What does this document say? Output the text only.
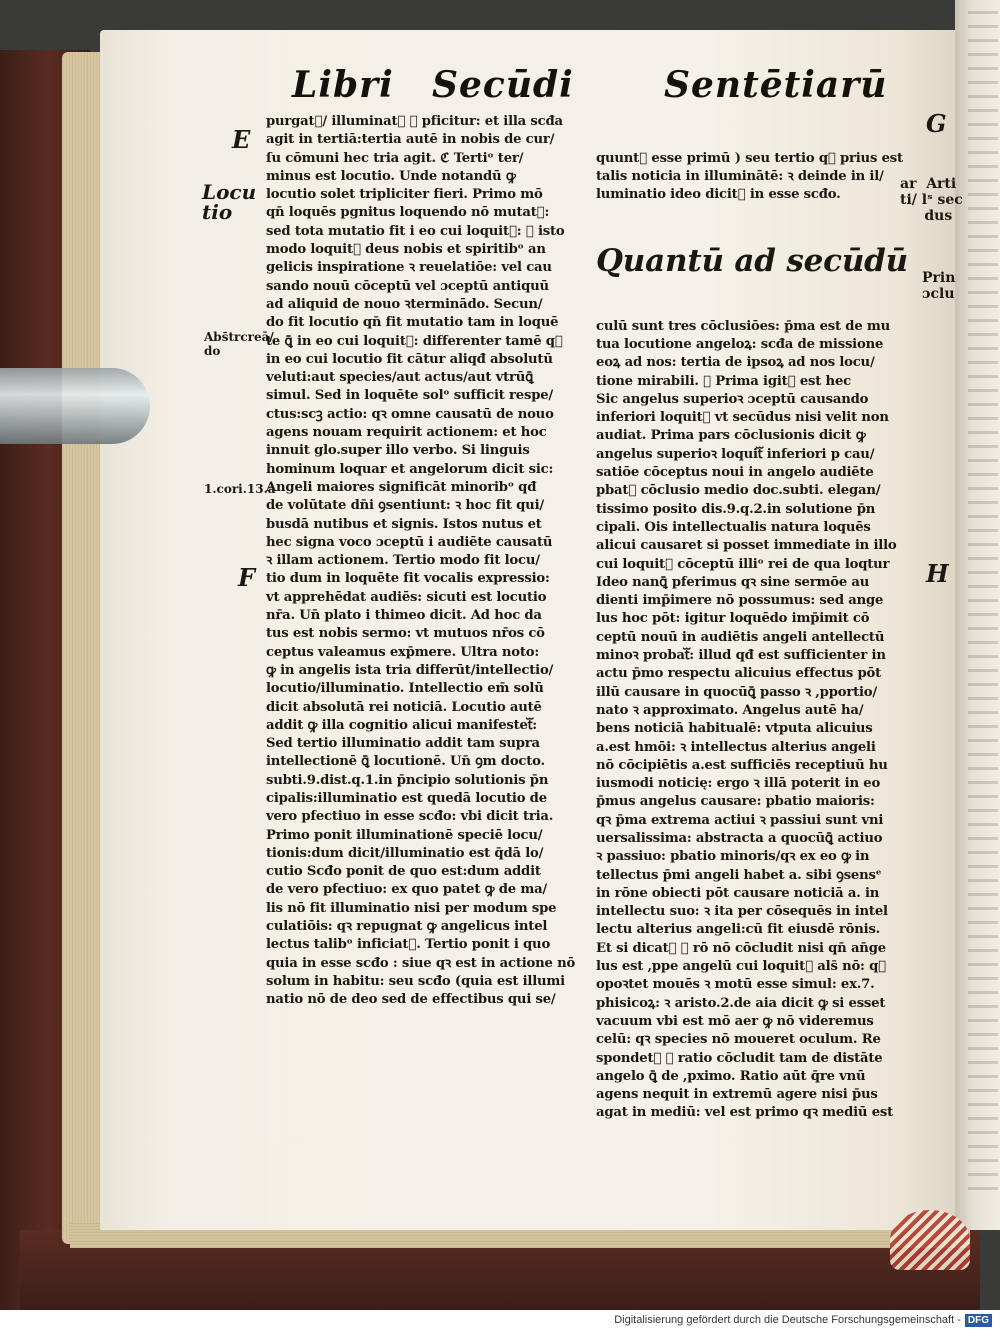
Libri Secūdi	Sentētiarū
E
Locu
tio
Abs̄trcreā/
do
1.cori.13.a
F
G
ar  Arti
ti/ lˢ sec
dus
Prin
ɔclu
H
purgatᷓ/ illuminatᷓ ꝛ pficitur: et illa scđa
agit in tertiā:tertia autē in nobis de cur/
ſu cōmuni hec tria agit. ℭ Tertiᵒ ter/
minus est locutio. Unde notandū ꝙ
locutio solet tripliciter fieri. Primo mō
qn̄ loquēs pgnitus loquendo nō mutatᷓ:
sed tota mutatio fit i eo cui loquitᷓ: ꝛ isto
modo loquitᷓ deus nobis et spiritibᵒ an
gelicis inspiratione ꝛ reuelatiōe: vel cau
sando nouū cōceptū vel ɔceptū antiquū
ad aliquid de nouo ꝛterminādo. Secun/
do fit locutio qn̄ fit mutatio tam in loquē
te ꝗ̄ in eo cui loquitᷓ: differenter tamē qꝛ
in eo cui locutio fit cātur aliqđ absolutū
veluti:aut species/aut actus/aut vtrūꝗ̄
simul. Sed in loquēte solᵒ sufficit respe/
ctus:scꝫ actio: qꝛ omne causatū de nouo
agens nouam requirit actionem: et hoc
innuit glo.super illo verbo. Si linguis
hominum loquar et angelorum dicit sic:
Angeli maiores significāt minoribᵒ qđ
de volūtate dn̄i ꝯsentiunt: ꝛ hoc fit qui/
busdā nutibus et signis. Istos nutus et
hec signa voco ɔceptū i audiēte causatū
ꝛ illam actionem. Tertio modo fit locu/
tio dum in loquēte fit vocalis expressio:
vt apprehēdat audiēs: sicuti est locutio
nr̄a. Un̄ plato i thimeo dicit. Ad hoc da
tus est nobis sermo: vt mutuos nr̄os cō
ceptus valeamus exp̄mere. Ultra noto:
ꝙ in angelis ista tria differūt/intellectio/
locutio/illuminatio. Intellectio em̄ solū
dicit absolutā rei noticiā. Locutio autē
addit ꝙ illa cognitio alicui manifestetᷓ:
Sed tertio illuminatio addit tam supra
intellectionē ꝗ̄ locutionē. Un̄ ꝯm docto.
subti.9.dist.q.1.in p̄ncipio solutionis p̄n
cipalis:illuminatio est quedā locutio de
vero pfectiuo in esse scđo: vbi dicit tria.
Primo ponit illuminationē speciē locu/
tionis:dum dicit/illuminatio est q̄dā lo/
cutio Scđo ponit de quo est:dum addit
de vero pfectiuo: ex quo patet ꝙ de ma/
lis nō fit illuminatio nisi per modum spe
culatiōis: qꝛ repugnat ꝙ angelicus intel
lectus talibᵒ inficiatᷓ. Tertio ponit i quo
quia in esse scđo : siue qꝛ est in actione nō
solum in habitu: seu scđo (quia est illumi
natio nō de deo sed de effectibus qui se/

quuntᷓ esse primū ) seu tertio qꝛ prius est
talis noticia in illuminātē: ꝛ deinde in il/
luminatio ideo dicitᷓ in esse scđo.

Quantū ad secūdū

culū sunt tres cōclusiōes: p̄ma est de mu
tua locutione angeloꝝ: scđa de missione
eoꝝ ad nos: tertia de ipsoꝝ ad nos locu/
tione mirabili. ℭ Prima igitᷓ est hec
Sic angelus superioꝛ ɔceptū causando
inferiori loquitᷓ vt secūdus nisi velit non
audiat. Prima pars cōclusionis dicit ꝙ
angelus superioꝛ loquitᷓ inferiori p cau/
satiōe cōceptus noui in angelo audiēte
pbatᷓ cōclusio medio doc.subti. elegan/
tissimo posito dis.9.q.2.in solutione p̄n
cipali. Ois intellectualis natura loquēs
alicui causaret si posset immediate in illo
cui loquitᷓ cōceptū illiᵒ rei de qua loqtur
Ideo nanꝗ̄ pferimus qꝛ sine sermōe au
dienti imp̄imere nō possumus: sed ange
lus hoc pōt: igitur loquēdo imp̄imit cō
ceptū nouū in audiētis angeli antellectū
minoꝛ probatᷓ: illud qđ est sufficienter in
actu p̄mo respectu alicuius effectus pōt
illū causare in quocūꝗ̄ passo ꝛ ,pportio/
nato ꝛ approximato. Angelus autē ha/
bens noticiā habitualē: vtputa alicuius
a.est hmōi: ꝛ intellectus alterius angeli
nō cōcipiētis a.est sufficiēs receptiuū hu
iusmodi noticię: ergo ꝛ illā poterit in eo
p̄mus angelus causare: pbatio maioris:
qꝛ p̄ma extrema actiui ꝛ passiui sunt vni
uersalissima: abstracta a quocūꝗ̄ actiuo
ꝛ passiuo: pbatio minoris/qꝛ ex eo ꝙ in
tellectus p̄mi angeli habet a. sibi ꝯsensᵉ
in rōne obiecti pōt causare noticiā a. in
intellectu suo: ꝛ ita per cōsequēs in intel
lectu alterius angeli:cū fit eiusdē rōnis.
Et si dicatᷓ ꝙ rō nō cōcludit nisi qn̄ an̄ge
lus est ,ppe angelū cui loquitᷓ als̄ nō: qꝛ
opoꝛtet mouēs ꝛ motū esse simul: ex.7.
phisicoꝝ: ꝛ aristo.2.de aia dicit ꝙ si esset
vacuum vbi est mō aer ꝙ nō videremus
celū: qꝛ species nō moueret oculum. Re
spondetᷓ ꝙ ratio cōcludit tam de distāte
angelo ꝗ̄ de ,pximo. Ratio aūt q̄re vnū
agens nequit in extremū agere nisi p̄us
agat in mediū: vel est primo qꝛ mediū est

Digitalisierung gefördert durch die Deutsche Forschungsgemeinschaft - DFG
